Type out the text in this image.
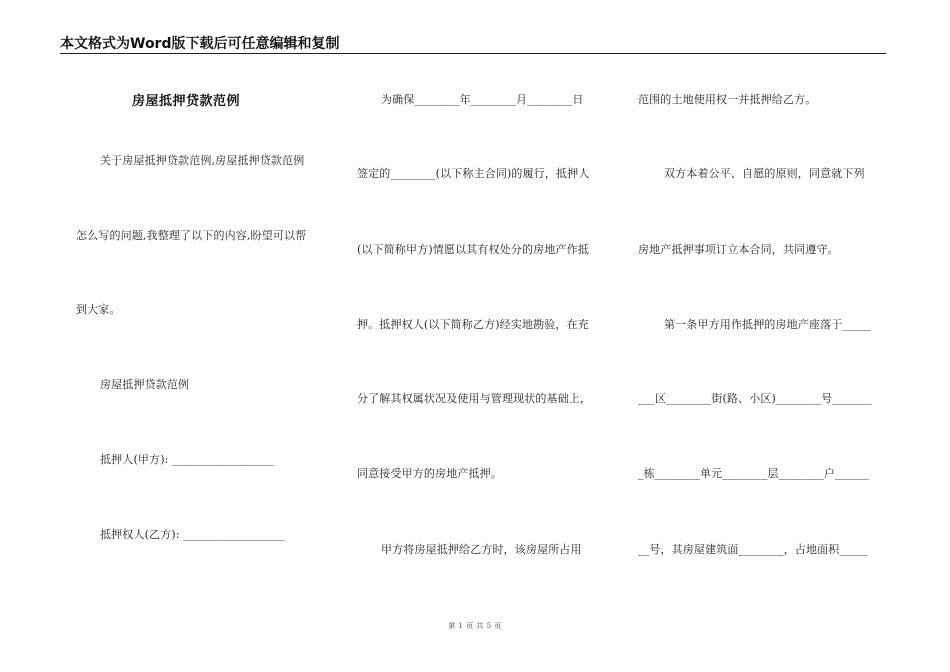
本文格式为Word版下载后可任意编辑和复制
房屋抵押贷款范例
关于房屋抵押贷款范例,房屋抵押贷款范例
怎么写的问题,我整理了以下的内容,盼望可以帮
到大家。
房屋抵押贷款范例
抵押人(甲方): __________________
抵押权人(乙方): __________________
为确保________年________月________日
签定的________(以下称主合同)的履行，抵押人
(以下简称甲方)情愿以其有权处分的房地产作抵
押。抵押权人(以下简称乙方)经实地勘验，在充
分了解其权属状况及使用与管理现状的基础上，
同意接受甲方的房地产抵押。
甲方将房屋抵押给乙方时，该房屋所占用
范围的土地使用权一并抵押给乙方。
双方本着公平、自愿的原则，同意就下列
房地产抵押事项订立本合同，共同遵守。
第一条甲方用作抵押的房地产座落于_____
___区________街(路、小区)________号_______
_栋________单元________层________户______
__号，其房屋建筑面________，占地面积_____
第 1 页 共 5 页
